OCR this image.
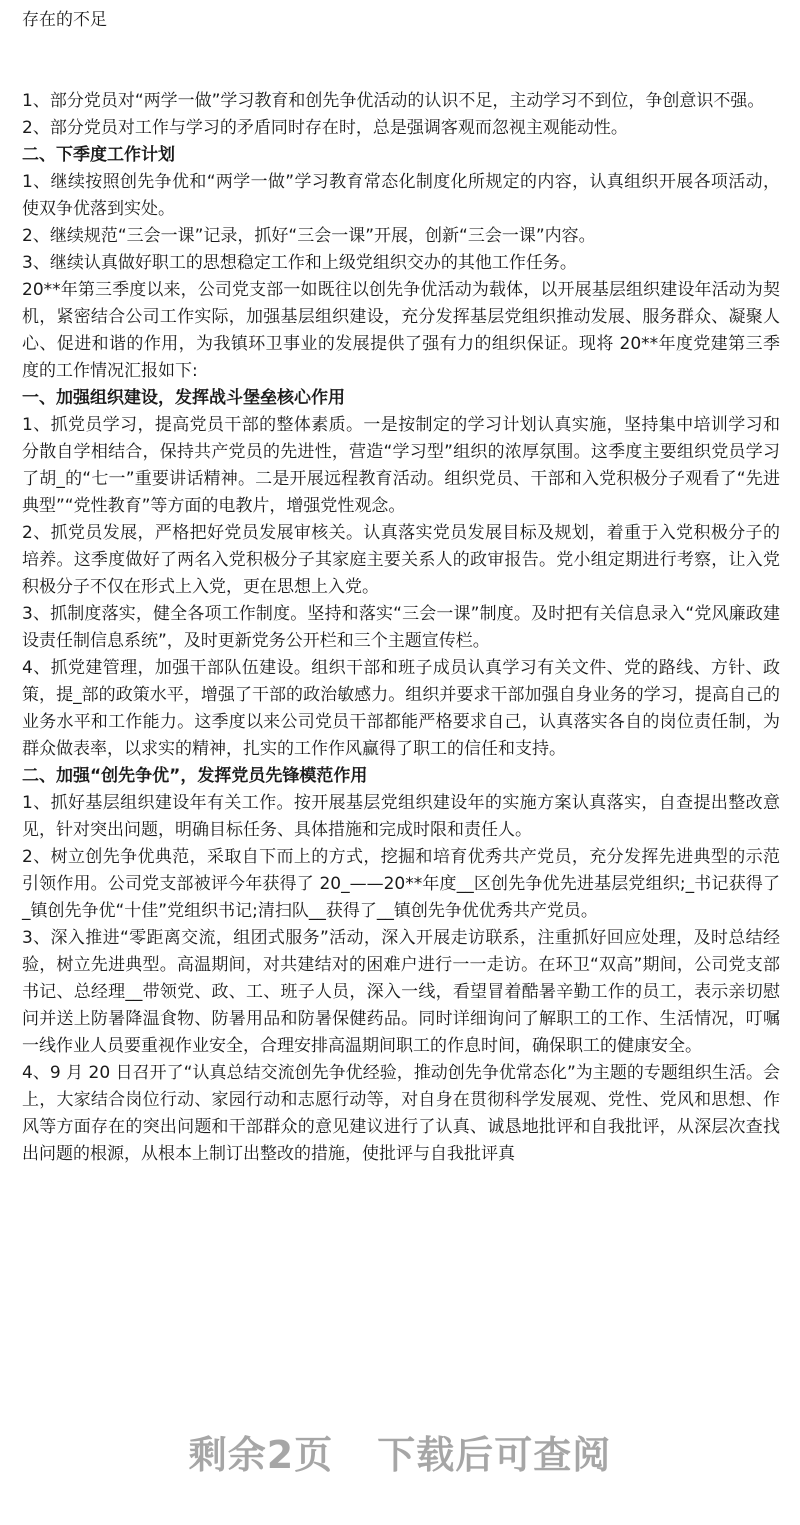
存在的不足

1、部分党员对“两学一做”学习教育和创先争优活动的认识不足，主动学习不到位，争创意识不强。

2、部分党员对工作与学习的矛盾同时存在时，总是强调客观而忽视主观能动性。

二、下季度工作计划

1、继续按照创先争优和“两学一做”学习教育常态化制度化所规定的内容，认真组织开展各项活动，使双争优落到实处。

2、继续规范“三会一课”记录，抓好“三会一课”开展，创新“三会一课”内容。

3、继续认真做好职工的思想稳定工作和上级党组织交办的其他工作任务。

20**年第三季度以来，公司党支部一如既往以创先争优活动为载体，以开展基层组织建设年活动为契机，紧密结合公司工作实际，加强基层组织建设，充分发挥基层党组织推动发展、服务群众、凝聚人心、促进和谐的作用，为我镇环卫事业的发展提供了强有力的组织保证。现将 20**年度党建第三季度的工作情况汇报如下:

一、加强组织建设，发挥战斗堡垒核心作用

1、抓党员学习，提高党员干部的整体素质。一是按制定的学习计划认真实施，坚持集中培训学习和分散自学相结合，保持共产党员的先进性，营造“学习型”组织的浓厚氛围。这季度主要组织党员学习了胡_的“七一”重要讲话精神。二是开展远程教育活动。组织党员、干部和入党积极分子观看了“先进典型”“党性教育”等方面的电教片，增强党性观念。

2、抓党员发展，严格把好党员发展审核关。认真落实党员发展目标及规划，着重于入党积极分子的培养。这季度做好了两名入党积极分子其家庭主要关系人的政审报告。党小组定期进行考察，让入党积极分子不仅在形式上入党，更在思想上入党。

3、抓制度落实，健全各项工作制度。坚持和落实“三会一课”制度。及时把有关信息录入“党风廉政建设责任制信息系统”，及时更新党务公开栏和三个主题宣传栏。

4、抓党建管理，加强干部队伍建设。组织干部和班子成员认真学习有关文件、党的路线、方针、政策，提_部的政策水平，增强了干部的政治敏感力。组织并要求干部加强自身业务的学习，提高自己的业务水平和工作能力。这季度以来公司党员干部都能严格要求自己，认真落实各自的岗位责任制，为群众做表率，以求实的精神，扎实的工作作风赢得了职工的信任和支持。

二、加强“创先争优”，发挥党员先锋模范作用

1、抓好基层组织建设年有关工作。按开展基层党组织建设年的实施方案认真落实，自查提出整改意见，针对突出问题，明确目标任务、具体措施和完成时限和责任人。

2、树立创先争优典范，采取自下而上的方式，挖掘和培育优秀共产党员，充分发挥先进典型的示范引领作用。公司党支部被评今年获得了 20_——20**年度__区创先争优先进基层党组织;_书记获得了_镇创先争优“十佳”党组织书记;清扫队__获得了__镇创先争优优秀共产党员。

3、深入推进“零距离交流，组团式服务”活动，深入开展走访联系，注重抓好回应处理，及时总结经验，树立先进典型。高温期间，对共建结对的困难户进行一一走访。在环卫“双高”期间，公司党支部书记、总经理__带领党、政、工、班子人员，深入一线，看望冒着酷暑辛勤工作的员工，表示亲切慰问并送上防暑降温食物、防暑用品和防暑保健药品。同时详细询问了解职工的工作、生活情况，叮嘱一线作业人员要重视作业安全，合理安排高温期间职工的作息时间，确保职工的健康安全。

4、9 月 20 日召开了“认真总结交流创先争优经验，推动创先争优常态化”为主题的专题组织生活。会上，大家结合岗位行动、家园行动和志愿行动等，对自身在贯彻科学发展观、党性、党风和思想、作风等方面存在的突出问题和干部群众的意见建议进行了认真、诚恳地批评和自我批评，从深层次查找出问题的根源，从根本上制订出整改的措施，使批评与自我批评真

剩余2页 下载后可查阅
